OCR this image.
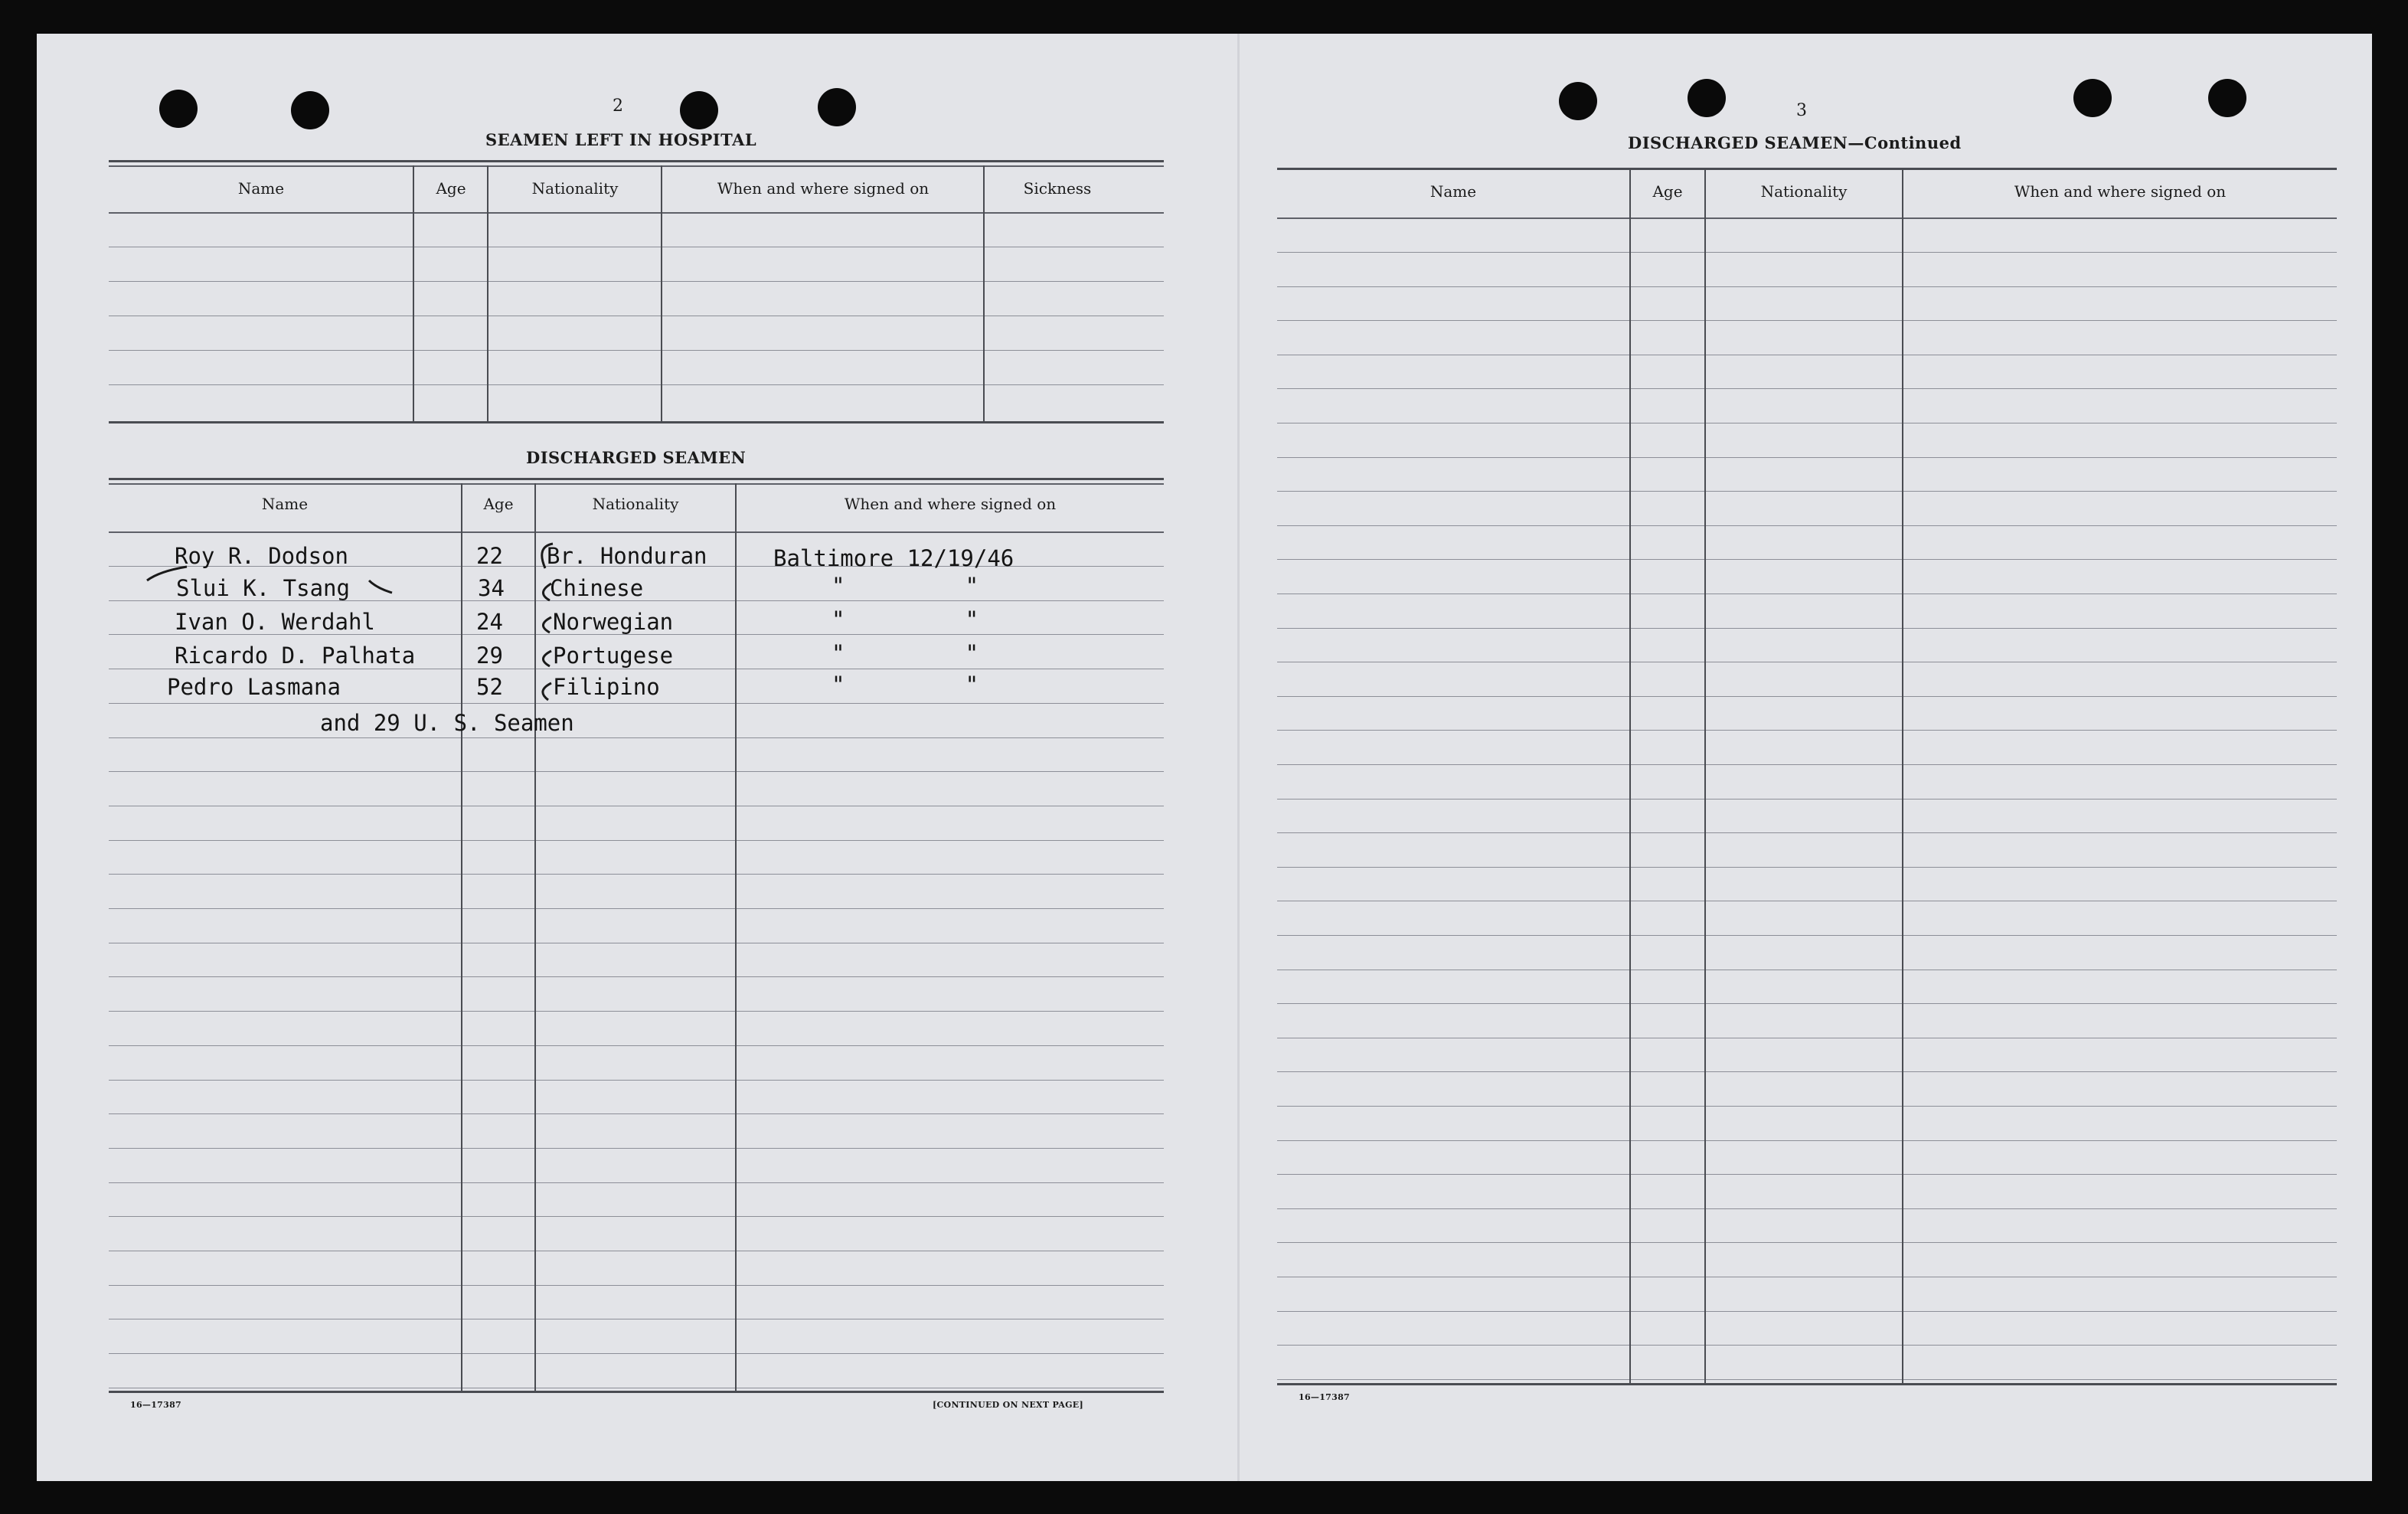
2
SEAMEN LEFT IN HOSPITAL
Name	Age	Nationality	When and where signed on	Sickness
DISCHARGED SEAMEN
Name	Age	Nationality	When and where signed on
Roy R. Dodson	22 Br. Honduran	Baltimore 12/19/46
Slui K. Tsang	34 Chinese	"         "
Ivan O. Werdahl	24 Norwegian	"         "
Ricardo D. Palhata	29 Portugese	"         "
Pedro Lasmana	52 Filipino	"         "
and 29 U. S. Seamen
16—17387	[CONTINUED ON NEXT PAGE]
3
DISCHARGED SEAMEN—Continued
Name	Age	Nationality	When and where signed on
16—17387
